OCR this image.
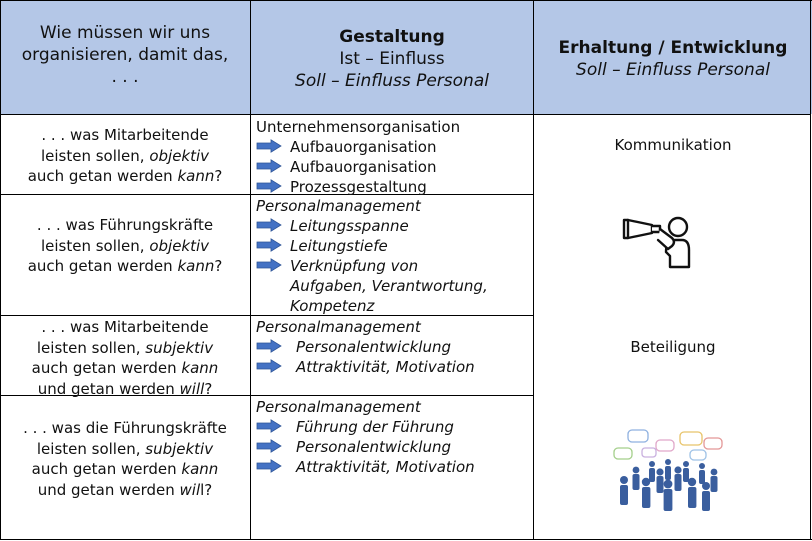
Wie müssen wir uns
organisieren, damit das,
. . .
Gestaltung
Ist – Einfluss
Soll – Einfluss Personal
Erhaltung / Entwicklung
Soll – Einfluss Personal
. . . was Mitarbeitende
leisten sollen, objektiv
auch getan werden kann?
. . . was Führungskräfte
leisten sollen, objektiv
auch getan werden kann?
. . . was Mitarbeitende
leisten sollen, subjektiv
auch getan werden kann
und getan werden will?
. . . was die Führungskräfte
leisten sollen, subjektiv
auch getan werden kann
und getan werden will?
Unternehmensorganisation
Aufbauorganisation
Aufbauorganisation
Prozessgestaltung
Personalmanagement
Leitungsspanne
Leitungstiefe
Verknüpfung von
Aufgaben, Verantwortung,
Kompetenz
Personalmanagement
Personalentwicklung
Attraktivität, Motivation
Personalmanagement
Führung der Führung
Personalentwicklung
Attraktivität, Motivation
Kommunikation
Beteiligung
